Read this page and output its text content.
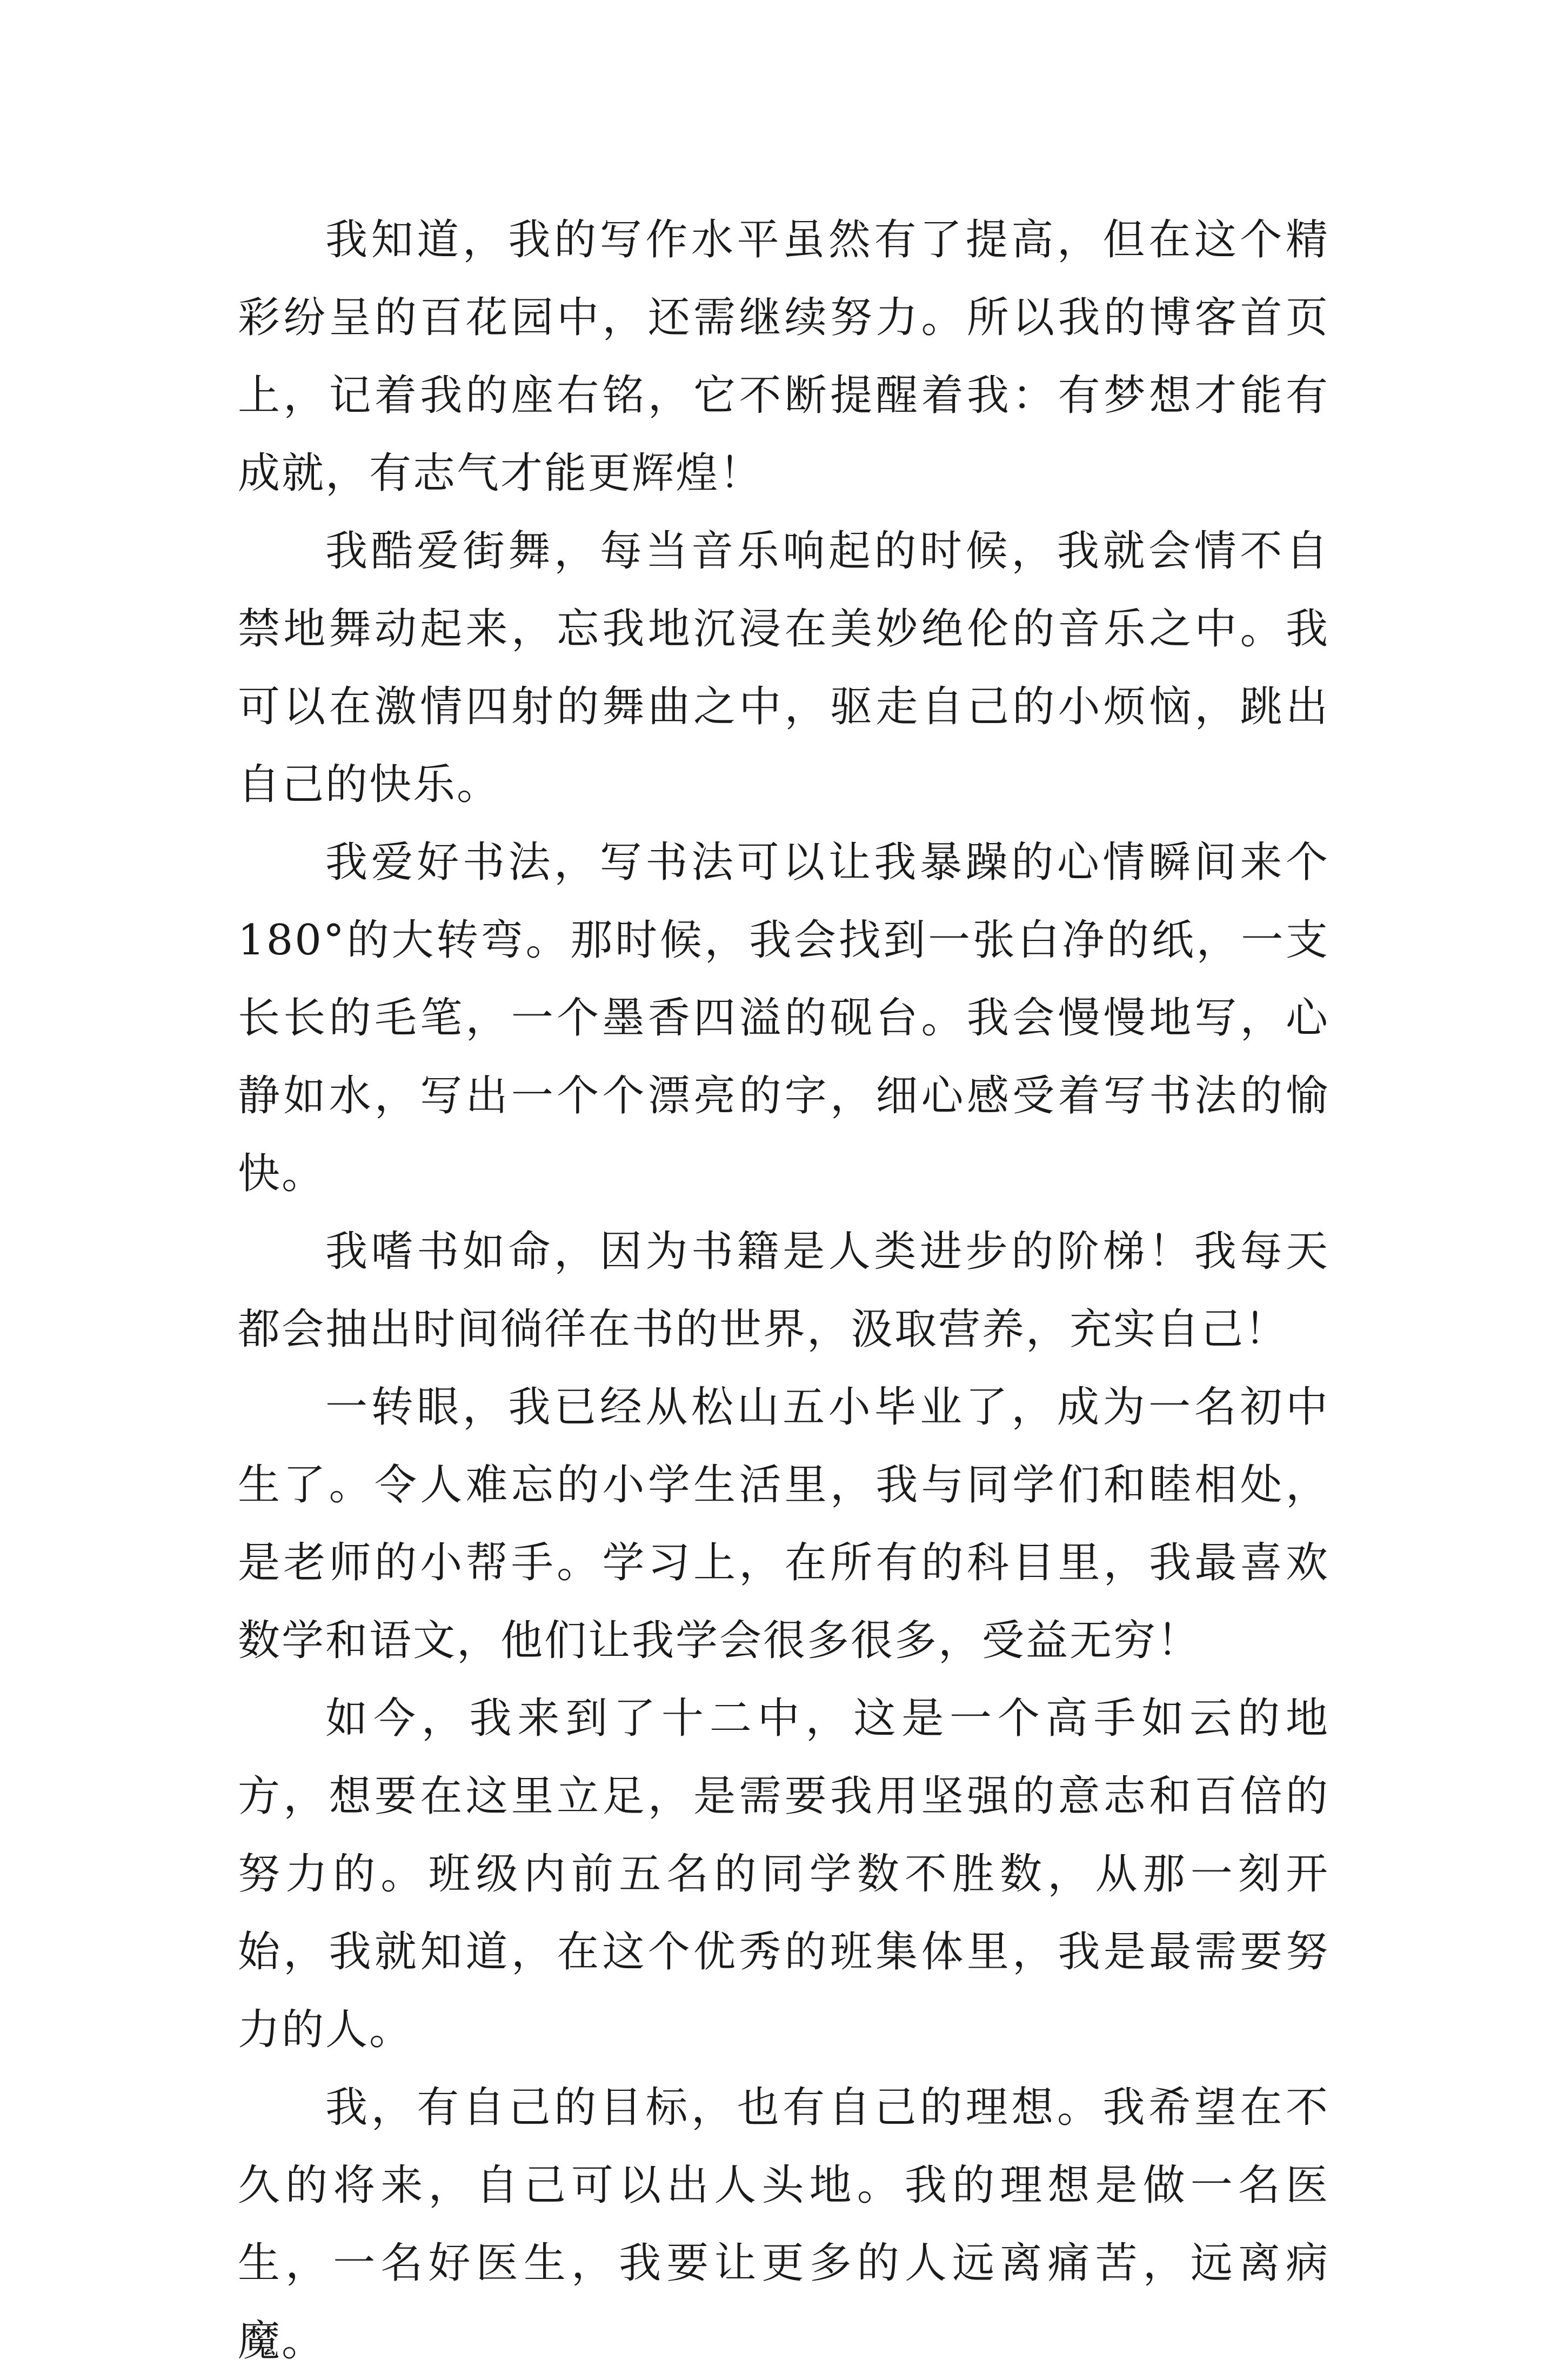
我知道，我的写作水平虽然有了提高，但在这个精彩纷呈的百花园中，还需继续努力。所以我的博客首页上，记着我的座右铭，它不断提醒着我：有梦想才能有成就，有志气才能更辉煌！

我酷爱街舞，每当音乐响起的时候，我就会情不自禁地舞动起来，忘我地沉浸在美妙绝伦的音乐之中。我可以在激情四射的舞曲之中，驱走自己的小烦恼，跳出自己的快乐。

我爱好书法，写书法可以让我暴躁的心情瞬间来个 180°的大转弯。那时候，我会找到一张白净的纸，一支长长的毛笔，一个墨香四溢的砚台。我会慢慢地写，心静如水，写出一个个漂亮的字，细心感受着写书法的愉快。

我嗜书如命，因为书籍是人类进步的阶梯！我每天都会抽出时间徜徉在书的世界，汲取营养，充实自己！

一转眼，我已经从松山五小毕业了，成为一名初中生了。令人难忘的小学生活里，我与同学们和睦相处，是老师的小帮手。学习上，在所有的科目里，我最喜欢数学和语文，他们让我学会很多很多，受益无穷！

如今，我来到了十二中，这是一个高手如云的地方，想要在这里立足，是需要我用坚强的意志和百倍的努力的。班级内前五名的同学数不胜数，从那一刻开始，我就知道，在这个优秀的班集体里，我是最需要努力的人。

我，有自己的目标，也有自己的理想。我希望在不久的将来，自己可以出人头地。我的理想是做一名医生，一名好医生，我要让更多的人远离痛苦，远离病魔。
